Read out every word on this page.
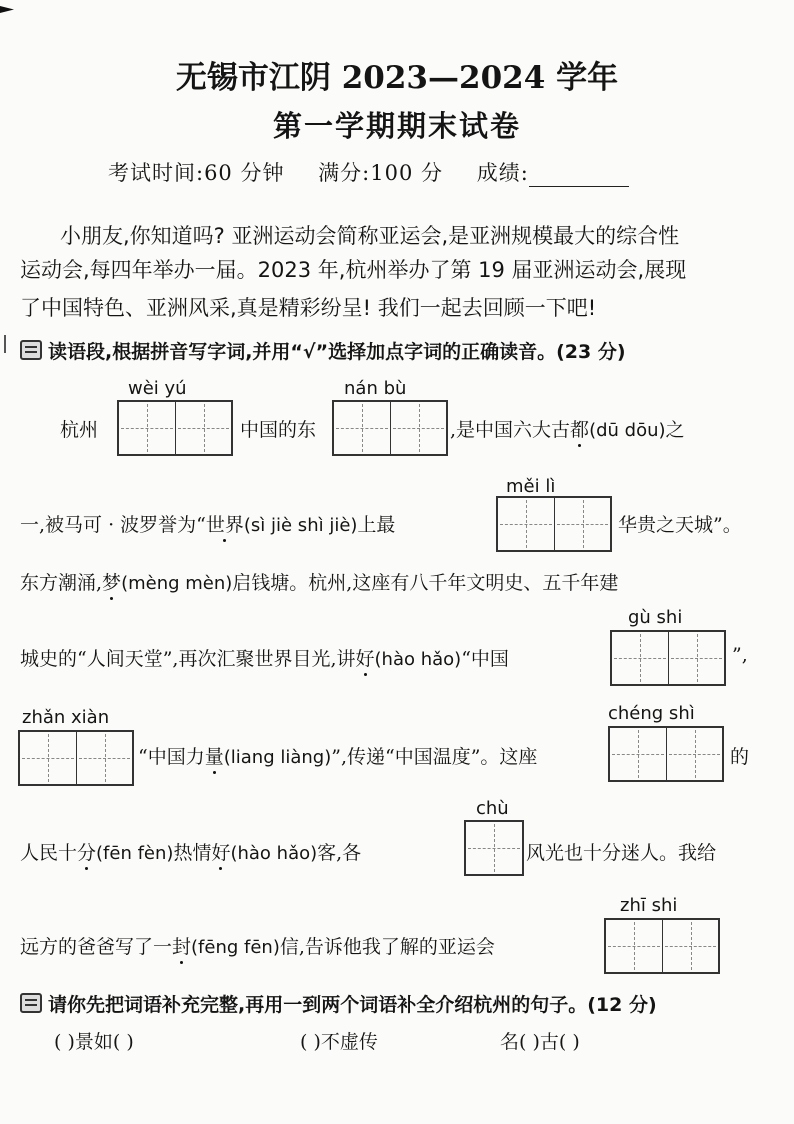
无锡市江阴 2023—2024 学年
第一学期期末试卷
考试时间:60 分钟 满分:100 分 成绩:
小朋友,你知道吗? 亚洲运动会简称亚运会,是亚洲规模最大的综合性
运动会,每四年举办一届。2023 年,杭州举办了第 19 届亚洲运动会,展现
了中国特色、亚洲风采,真是精彩纷呈! 我们一起去回顾一下吧!
读语段,根据拼音写字词,并用“√”选择加点字词的正确读音。(23 分)
wèi yú	nán bù
杭州	中国的东	,是中国六大古都(dū dōu)之
měi lì
一,被马可 · 波罗誉为“世界(sì jiè shì jiè)上最	华贵之天城”。
东方潮涌,梦(mèng mèn)启钱塘。杭州,这座有八千年文明史、五千年建
gù shi
城史的“人间天堂”,再次汇聚世界目光,讲好(hào hǎo)“中国	”,
zhǎn xiàn
“中国力量(liang liàng)”,传递“中国温度”。这座
chéng shì
的
chù
人民十分(fēn fèn)热情好(hào hǎo)客,各	风光也十分迷人。我给
zhī shi
远方的爸爸写了一封(fēng fēn)信,告诉他我了解的亚运会
请你先把词语补充完整,再用一到两个词语补全介绍杭州的句子。(12 分)
( )景如( )	( )不虚传	名( )古( )
